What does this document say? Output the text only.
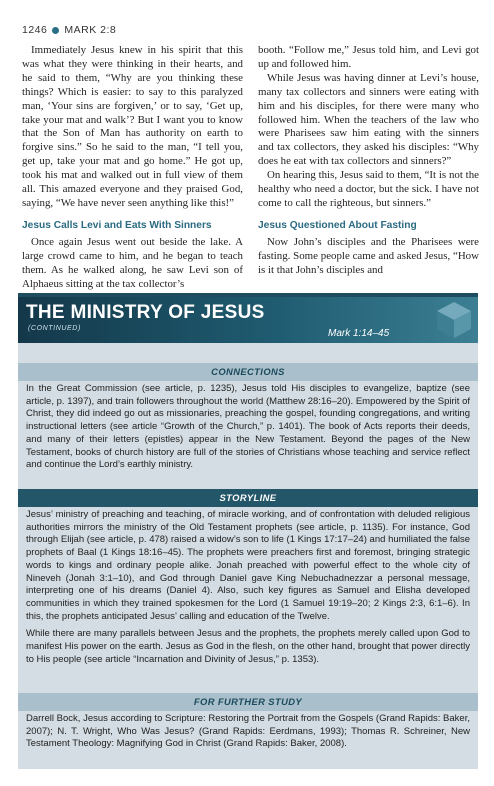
1246 MARK 2:8

Immediately Jesus knew in his spirit that this was what they were thinking in their hearts, and he said to them, “Why are you thinking these things? Which is easier: to say to this paralyzed man, ‘Your sins are forgiven,’ or to say, ‘Get up, take your mat and walk’? But I want you to know that the Son of Man has authority on earth to forgive sins.” So he said to the man, “I tell you, get up, take your mat and go home.” He got up, took his mat and walked out in full view of them all. This amazed everyone and they praised God, saying, “We have never seen anything like this!”

Jesus Calls Levi and Eats With Sinners

Once again Jesus went out beside the lake. A large crowd came to him, and he began to teach them. As he walked along, he saw Levi son of Alphaeus sitting at the tax collector’s

booth. “Follow me,” Jesus told him, and Levi got up and followed him.

While Jesus was having dinner at Levi’s house, many tax collectors and sinners were eating with him and his disciples, for there were many who followed him. When the teachers of the law who were Pharisees saw him eating with the sinners and tax collectors, they asked his disciples: “Why does he eat with tax collectors and sinners?”

On hearing this, Jesus said to them, “It is not the healthy who need a doctor, but the sick. I have not come to call the righteous, but sinners.”

Jesus Questioned About Fasting

Now John’s disciples and the Pharisees were fasting. Some people came and asked Jesus, “How is it that John’s disciples and

THE MINISTRY OF JESUS
(CONTINUED)	Mark 1:14–45
CONNECTIONS

In the Great Commission (see article, p. 1235), Jesus told His disciples to evangelize, baptize (see article, p. 1397), and train followers throughout the world (Matthew 28:16–20). Empowered by the Spirit of Christ, they did indeed go out as missionaries, preaching the gospel, founding congregations, and writing instructional letters (see article “Growth of the Church,” p. 1401). The book of Acts reports their deeds, and many of their letters (epistles) appear in the New Testament. Beyond the pages of the New Testament, books of church history are full of the stories of Christians whose teaching and service reflect and continue the Lord’s earthly ministry.

STORYLINE

Jesus’ ministry of preaching and teaching, of miracle working, and of confrontation with deluded religious authorities mirrors the ministry of the Old Testament prophets (see article, p. 1135). For instance, God through Elijah (see article, p. 478) raised a widow’s son to life (1 Kings 17:17–24) and humiliated the false prophets of Baal (1 Kings 18:16–45). The prophets were preachers first and foremost, bringing strategic words to kings and ordinary people alike. Jonah preached with powerful effect to the whole city of Nineveh (Jonah 3:1–10), and God through Daniel gave King Nebuchadnezzar a personal message, interpreting one of his dreams (Daniel 4). Also, such key figures as Samuel and Elisha developed communities in which they trained spokesmen for the Lord (1 Samuel 19:19–20; 2 Kings 2:3, 6:1–6). In this, the prophets anticipated Jesus’ calling and education of the Twelve.

While there are many parallels between Jesus and the prophets, the prophets merely called upon God to manifest His power on the earth. Jesus as God in the flesh, on the other hand, brought that power directly to His people (see article “Incarnation and Divinity of Jesus,” p. 1353).

FOR FURTHER STUDY

Darrell Bock, Jesus according to Scripture: Restoring the Portrait from the Gospels (Grand Rapids: Baker, 2007); N. T. Wright, Who Was Jesus? (Grand Rapids: Eerdmans, 1993); Thomas R. Schreiner, New Testament Theology: Magnifying God in Christ (Grand Rapids: Baker, 2008).
